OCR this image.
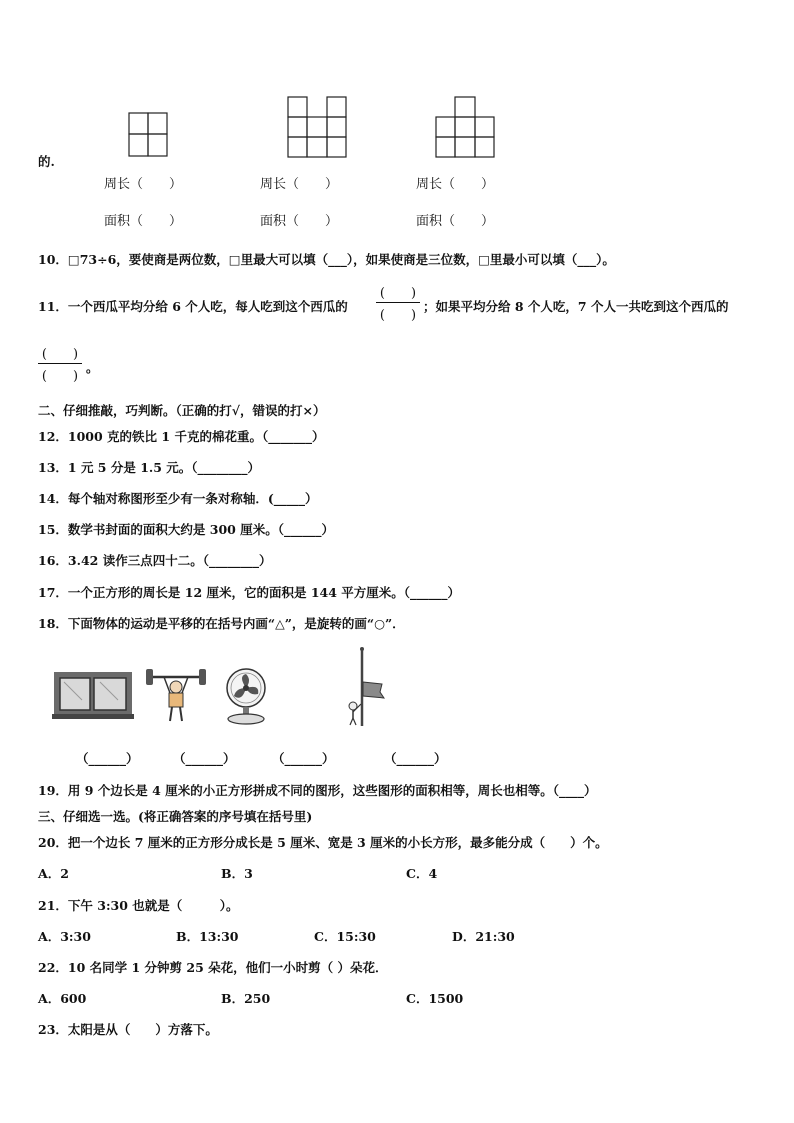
的.
周长（　　）	周长（　　）	周长（　　）
面积（　　）	面积（　　）	面积（　　）
10．□73÷6，要使商是两位数，□里最大可以填（___），如果使商是三位数，□里最小可以填（___）。
11．一个西瓜平均分给 6 个人吃，每人吃到这个西瓜的
(　　)
(　　)
；如果平均分给 8 个人吃，7 个人一共吃到这个西瓜的
(　　)
(　　)
。
二、仔细推敲，巧判断。（正确的打√，错误的打×）
12．1000 克的铁比 1 千克的棉花重。（_______）
13．1 元 5 分是 1.5 元。（________）
14．每个轴对称图形至少有一条对称轴．(_____）
15．数学书封面的面积大约是 300 厘米。（______）
16．3.42 读作三点四十二。（________）
17．一个正方形的周长是 12 厘米，它的面积是 144 平方厘米。（______）
18．下面物体的运动是平移的在括号内画“△”，是旋转的画“○”．
（______）	（______）	（______）	（______）
19．用 9 个边长是 4 厘米的小正方形拼成不同的图形，这些图形的面积相等，周长也相等。（____）
三、仔细选一选。(将正确答案的序号填在括号里)
20．把一个边长 7 厘米的正方形分成长是 5 厘米、宽是 3 厘米的小长方形，最多能分成（　　）个。
A．2	B．3	C．4
21．下午 3:30 也就是（　　　）。
A．3:30	B．13:30	C．15:30	D．21:30
22．10 名同学 1 分钟剪 25 朵花，他们一小时剪（ ）朵花．
A．600	B．250	C．1500
23．太阳是从（　　）方落下。
